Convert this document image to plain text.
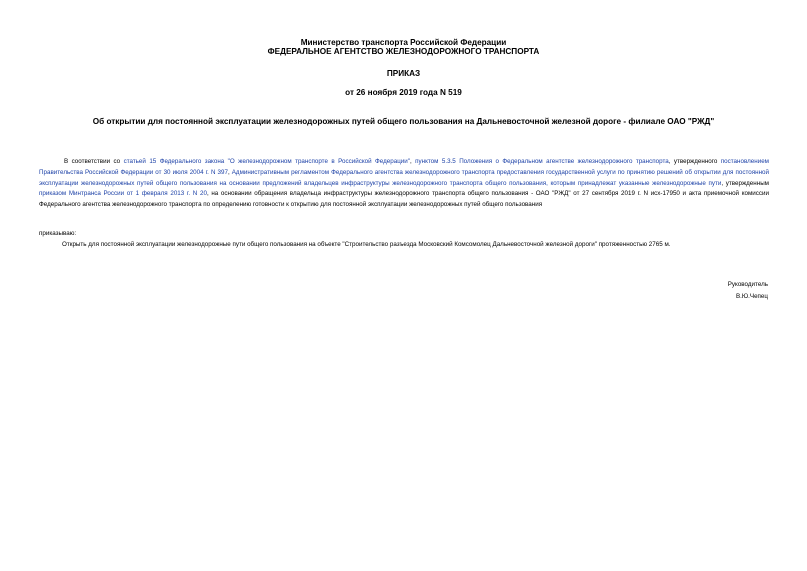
Министерство транспорта Российской Федерации
ФЕДЕРАЛЬНОЕ АГЕНТСТВО ЖЕЛЕЗНОДОРОЖНОГО ТРАНСПОРТА
ПРИКАЗ
от 26 ноября 2019 года N 519
Об открытии для постоянной эксплуатации железнодорожных путей общего пользования на Дальневосточной железной дороге - филиале ОАО "РЖД"

В соответствии со статьей 15 Федерального закона "О железнодорожном транспорте в Российской Федерации", пунктом 5.3.5 Положения о Федеральном агентстве железнодорожного транспорта, утвержденного постановлением Правительства Российской Федерации от 30 июля 2004 г. N 397, Административным регламентом Федерального агентства железнодорожного транспорта предоставления государственной услуги по принятию решений об открытии для постоянной эксплуатации железнодорожных путей общего пользования на основании предложений владельцев инфраструктуры железнодорожного транспорта общего пользования, которым принадлежат указанные железнодорожные пути, утвержденным приказом Минтранса России от 1 февраля 2013 г. N 20, на основании обращения владельца инфраструктуры железнодорожного транспорта общего пользования - ОАО "РЖД" от 27 сентября 2019 г. N исх-17950 и акта приемочной комиссии Федерального агентства железнодорожного транспорта по определению готовности к открытию для постоянной эксплуатации железнодорожных путей общего пользования

приказываю:
Открыть для постоянной эксплуатации железнодорожные пути общего пользования на объекте "Строительство разъезда Московский Комсомолец Дальневосточной железной дороги" протяженностью 2765 м.
Руководитель
В.Ю.Чепец
